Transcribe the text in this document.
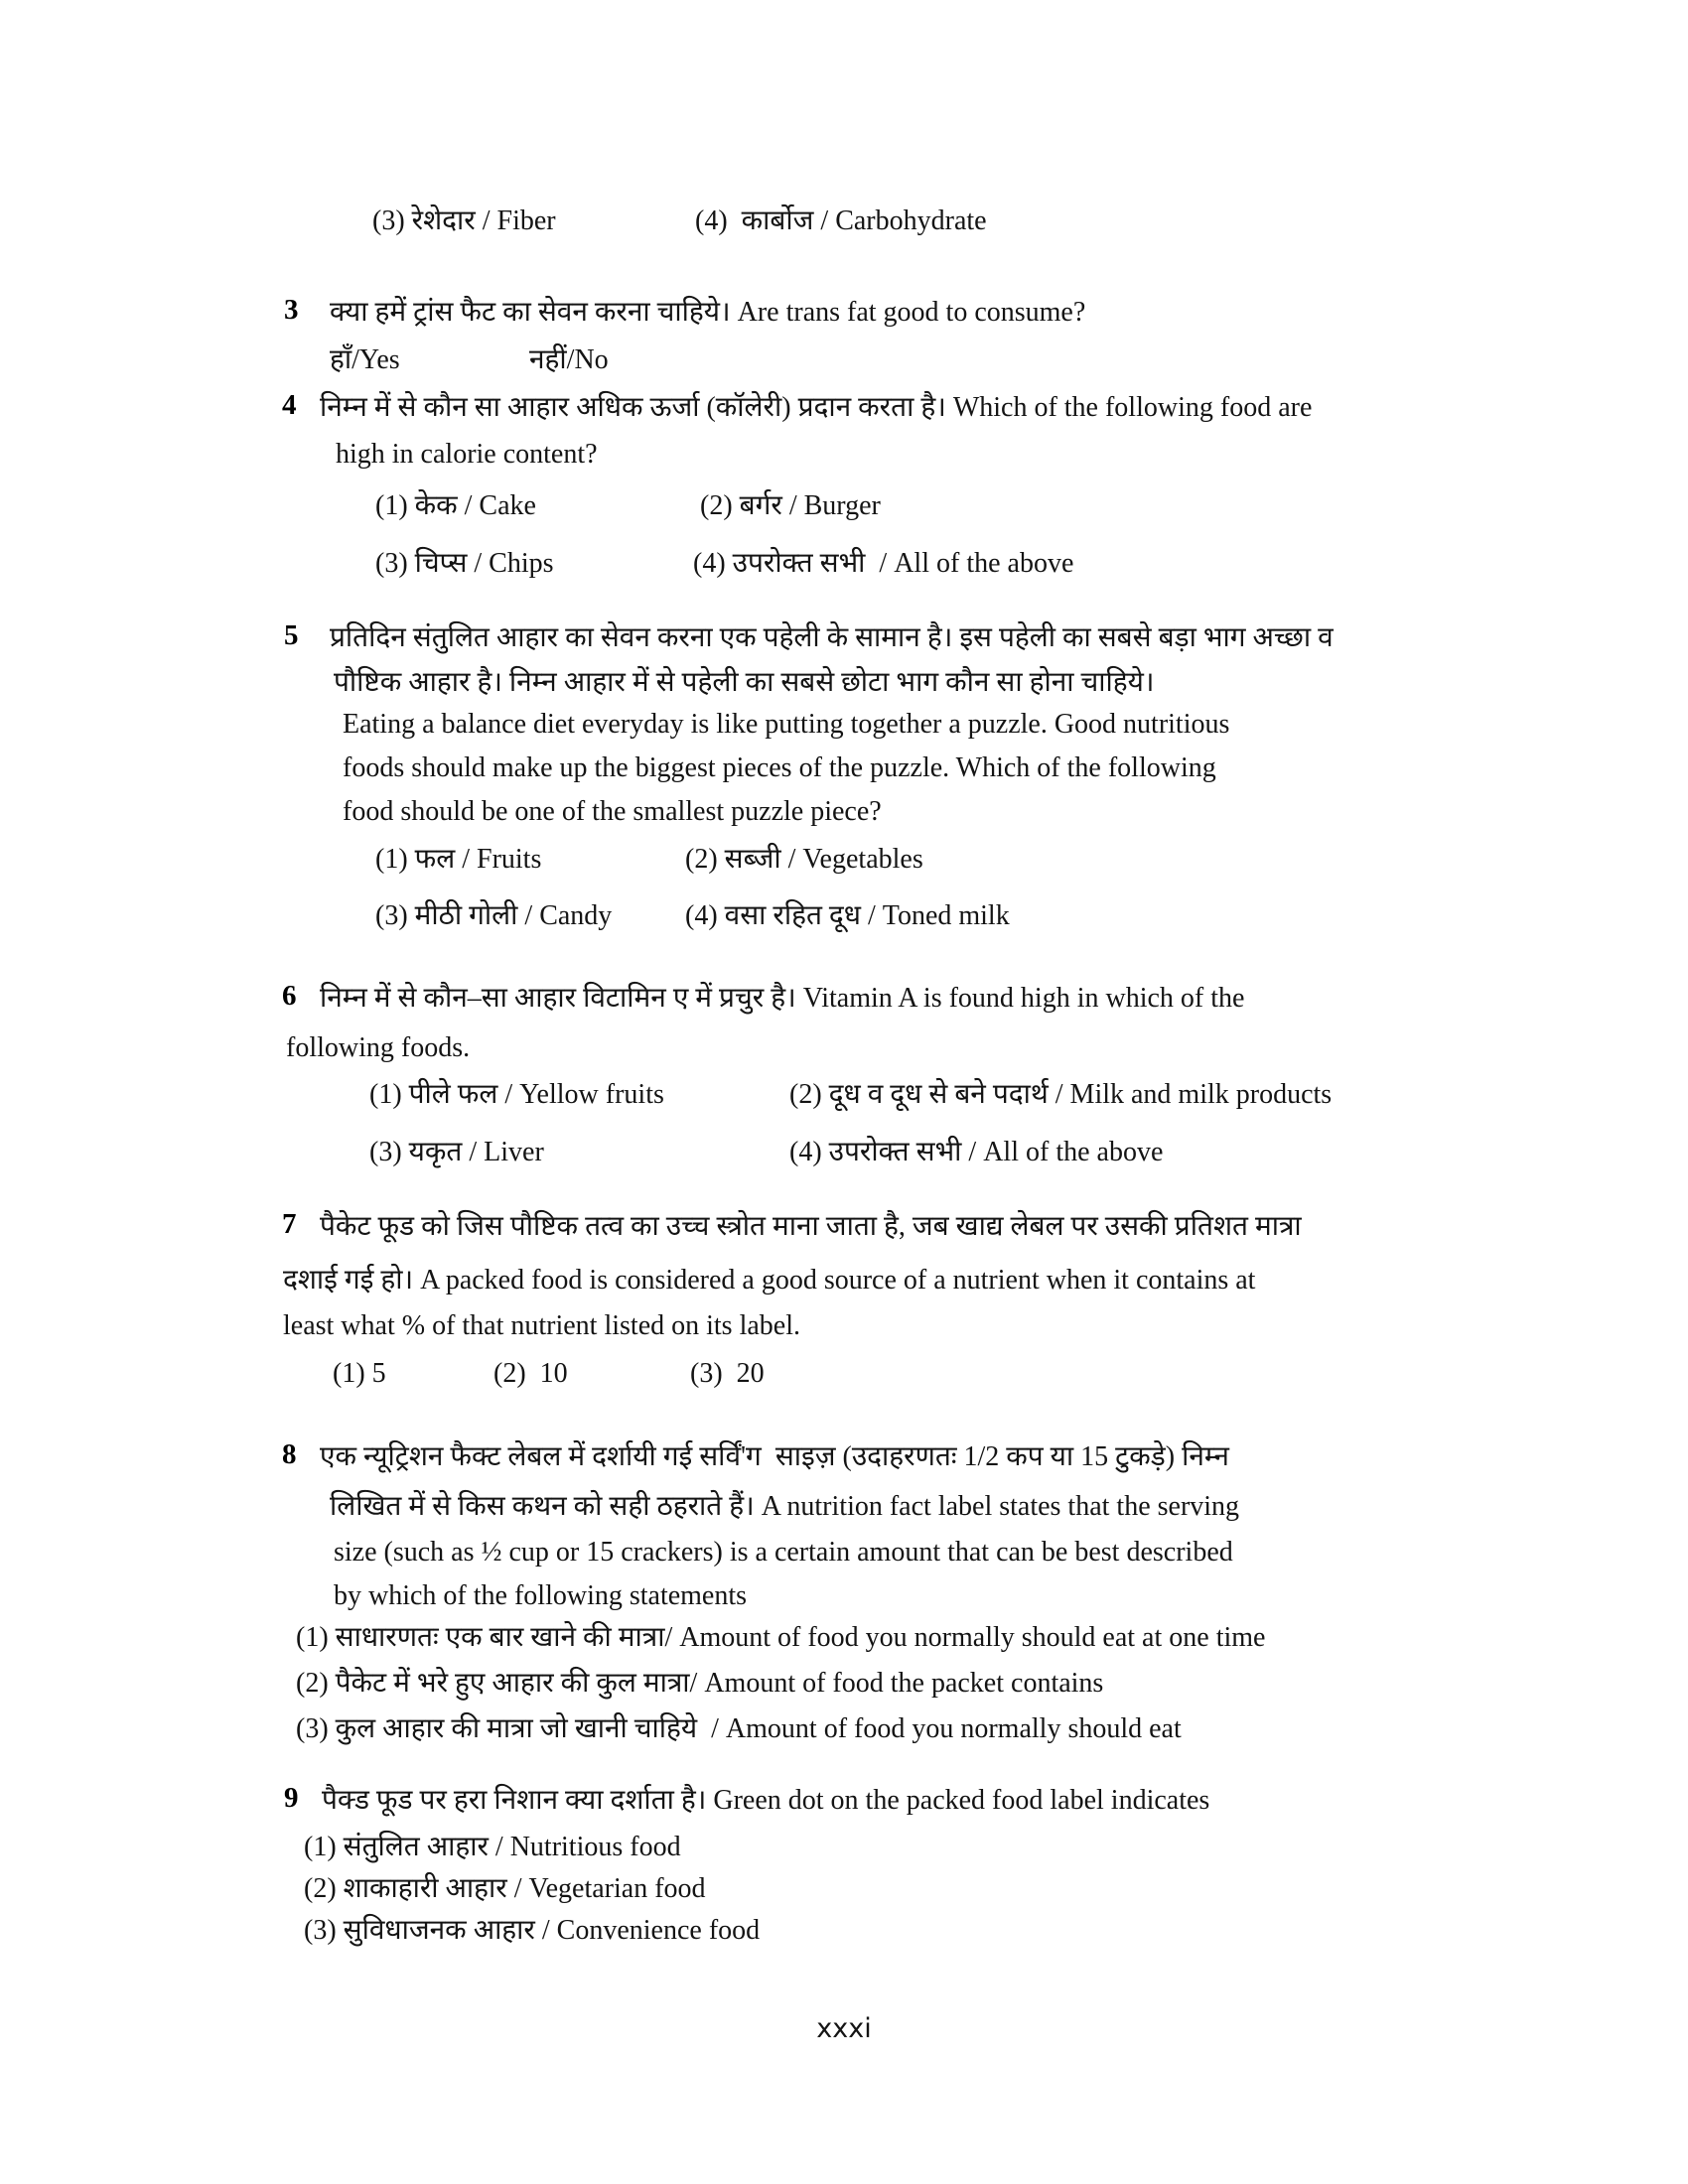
(3) रेशेदार / Fiber	(4)  कार्बोज / Carbohydrate
3 क्या हमें ट्रांस फैट का सेवन करना चाहिये। Are trans fat good to consume?
हाँ/Yes	नहीं/No
4 निम्न में से कौन सा आहार अधिक ऊर्जा (कॉलेरी) प्रदान करता है। Which of the following food are
high in calorie content?
(1) केक / Cake	(2) बर्गर / Burger
(3) चिप्स / Chips	(4) उपरोक्त सभी  / All of the above
5 प्रतिदिन संतुलित आहार का सेवन करना एक पहेली के सामान है। इस पहेली का सबसे बड़ा भाग अच्छा व
पौष्टिक आहार है। निम्न आहार में से पहेली का सबसे छोटा भाग कौन सा होना चाहिये।
Eating a balance diet everyday is like putting together a puzzle. Good nutritious
foods should make up the biggest pieces of the puzzle. Which of the following
food should be one of the smallest puzzle piece?
(1) फल / Fruits	(2) सब्जी / Vegetables
(3) मीठी गोली / Candy	(4) वसा रहित दूध / Toned milk
6 निम्न में से कौन–सा आहार विटामिन ए में प्रचुर है। Vitamin A is found high in which of the
following foods.
(1) पीले फल / Yellow fruits	(2) दूध व दूध से बने पदार्थ / Milk and milk products
(3) यकृत / Liver	(4) उपरोक्त सभी / All of the above
7 पैकेट फूड को जिस पौष्टिक तत्व का उच्च स्त्रोत माना जाता है, जब खाद्य लेबल पर उसकी प्रतिशत मात्रा
दशाई गई हो। A packed food is considered a good source of a nutrient when it contains at
least what % of that nutrient listed on its label.
(1) 5	(2)  10	(3)  20
8 एक न्यूट्रिशन फैक्ट लेबल में दर्शायी गई सर्विं'ग  साइज़ (उदाहरणतः 1/2 कप या 15 टुकड़े) निम्न
लिखित में से किस कथन को सही ठहराते हैं। A nutrition fact label states that the serving
size (such as ½ cup or 15 crackers) is a certain amount that can be best described
by which of the following statements
(1) साधारणतः एक बार खाने की मात्रा/ Amount of food you normally should eat at one time
(2) पैकेट में भरे हुए आहार की कुल मात्रा/ Amount of food the packet contains
(3) कुल आहार की मात्रा जो खानी चाहिये  / Amount of food you normally should eat
9 पैक्ड फूड पर हरा निशान क्या दर्शाता है। Green dot on the packed food label indicates
(1) संतुलित आहार / Nutritious food
(2) शाकाहारी आहार / Vegetarian food
(3) सुविधाजनक आहार / Convenience food
xxxi
